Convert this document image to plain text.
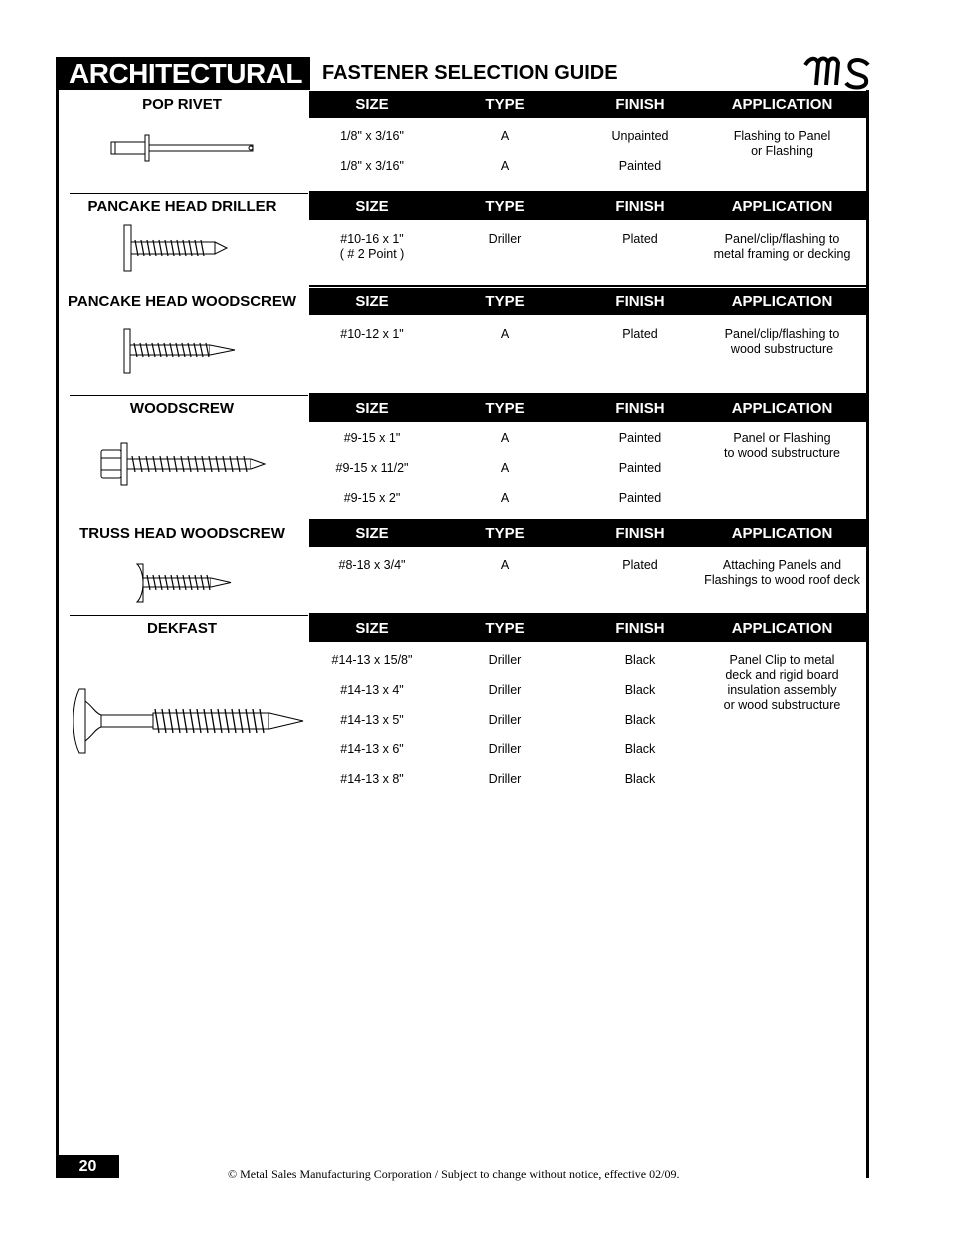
ARCHITECTURAL FASTENER SELECTION GUIDE
POP RIVET	SIZE	TYPE	FINISH	APPLICATION
1/8" x 3/16"	A	Unpainted
1/8" x 3/16"	A	Painted
Flashing to Panel
or Flashing
PANCAKE HEAD DRILLER	SIZE	TYPE	FINISH	APPLICATION
#10-16 x 1"
( # 2 Point )
Driller	Plated	Panel/clip/flashing to
metal framing or decking
PANCAKE HEAD WOODSCREW	SIZE	TYPE	FINISH	APPLICATION
#10-12 x 1"	A	Plated	Panel/clip/flashing to
wood substructure
WOODSCREW	SIZE	TYPE	FINISH	APPLICATION
#9-15 x 1"	A	Painted
#9-15 x 11/2"	A	Painted
#9-15 x 2"	A	Painted
Panel or Flashing
to wood substructure
TRUSS HEAD WOODSCREW	SIZE	TYPE	FINISH	APPLICATION
#8-18 x 3/4"	A	Plated	Attaching Panels and
Flashings to wood roof deck
DEKFAST	SIZE	TYPE	FINISH	APPLICATION
#14-13 x 15/8"	Driller	Black
#14-13 x 4"	Driller	Black
#14-13 x 5"	Driller	Black
#14-13 x 6"	Driller	Black
#14-13 x 8"	Driller	Black
Panel Clip to metal
deck and rigid board
insulation assembly
or wood substructure
20	© Metal Sales Manufacturing Corporation / Subject to change without notice, effective 02/09.
